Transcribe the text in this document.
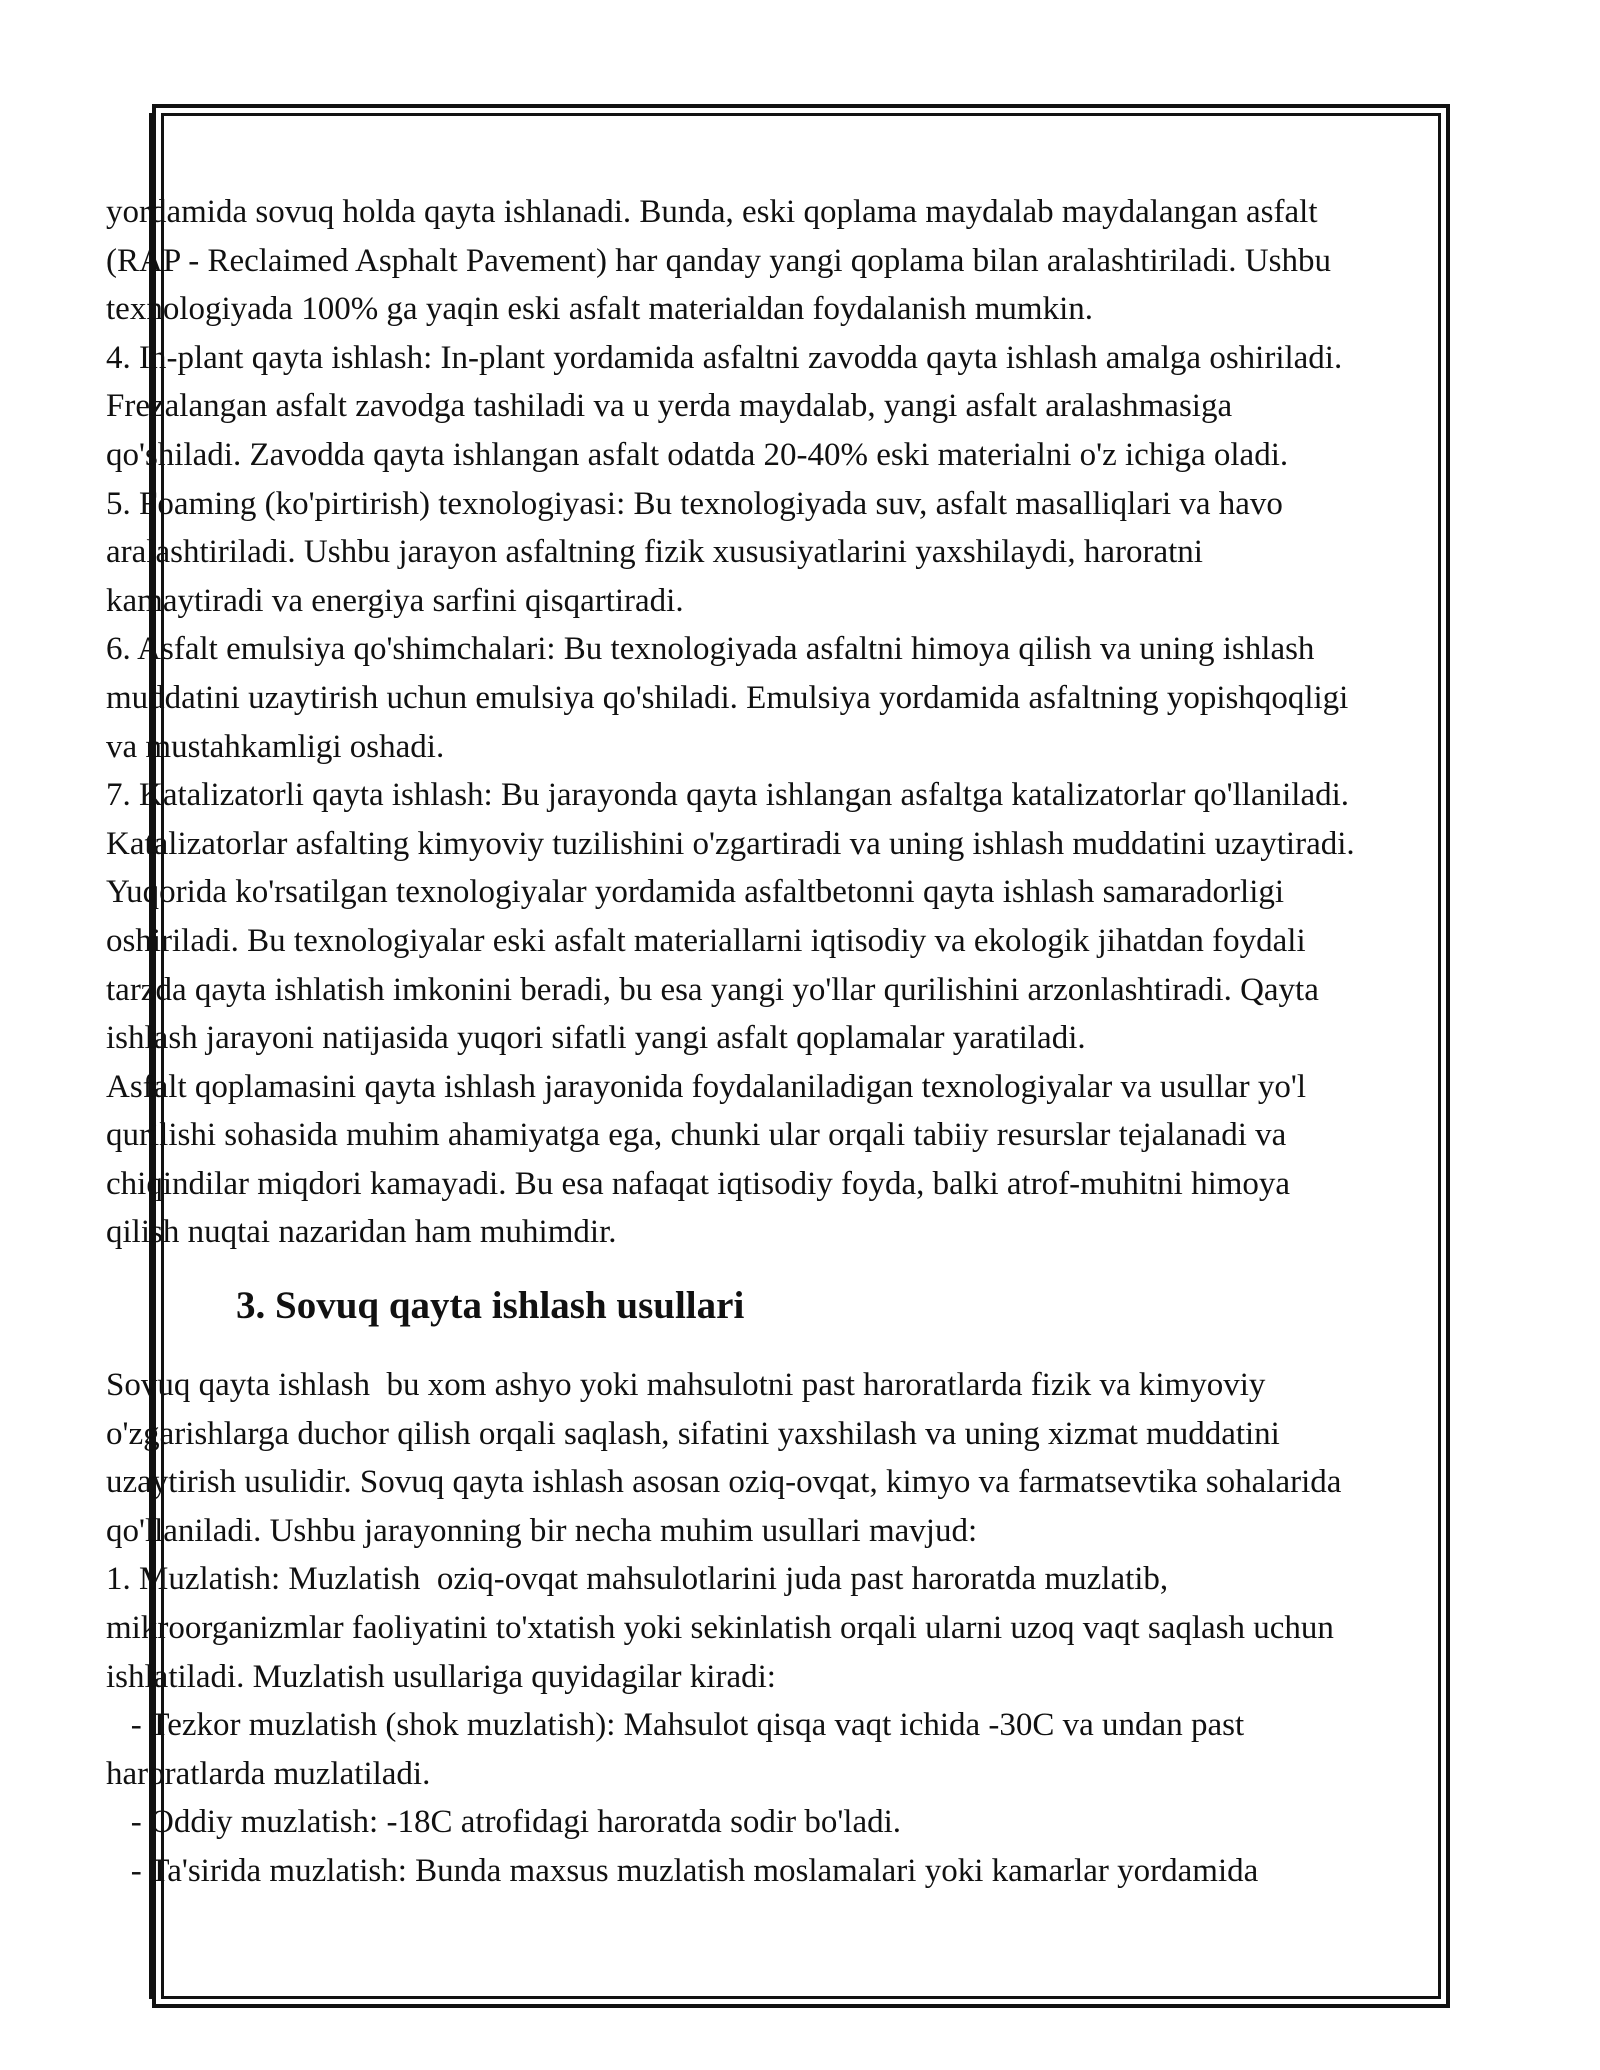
yordamida sovuq holda qayta ishlanadi. Bunda, eski qoplama maydalab maydalangan asfalt
(RAP - Reclaimed Asphalt Pavement) har qanday yangi qoplama bilan aralashtiriladi. Ushbu
texnologiyada 100% ga yaqin eski asfalt materialdan foydalanish mumkin.
4. In-plant qayta ishlash: In-plant yordamida asfaltni zavodda qayta ishlash amalga oshiriladi.
Frezalangan asfalt zavodga tashiladi va u yerda maydalab, yangi asfalt aralashmasiga
qo'shiladi. Zavodda qayta ishlangan asfalt odatda 20-40% eski materialni o'z ichiga oladi.
5. Foaming (ko'pirtirish) texnologiyasi: Bu texnologiyada suv, asfalt masalliqlari va havo
aralashtiriladi. Ushbu jarayon asfaltning fizik xususiyatlarini yaxshilaydi, haroratni
kamaytiradi va energiya sarfini qisqartiradi.
6. Asfalt emulsiya qo'shimchalari: Bu texnologiyada asfaltni himoya qilish va uning ishlash
muddatini uzaytirish uchun emulsiya qo'shiladi. Emulsiya yordamida asfaltning yopishqoqligi
va mustahkamligi oshadi.
7. Katalizatorli qayta ishlash: Bu jarayonda qayta ishlangan asfaltga katalizatorlar qo'llaniladi.
Katalizatorlar asfalting kimyoviy tuzilishini o'zgartiradi va uning ishlash muddatini uzaytiradi.
Yuqorida ko'rsatilgan texnologiyalar yordamida asfaltbetonni qayta ishlash samaradorligi
oshiriladi. Bu texnologiyalar eski asfalt materiallarni iqtisodiy va ekologik jihatdan foydali
tarzda qayta ishlatish imkonini beradi, bu esa yangi yo'llar qurilishini arzonlashtiradi. Qayta
ishlash jarayoni natijasida yuqori sifatli yangi asfalt qoplamalar yaratiladi.
Asfalt qoplamasini qayta ishlash jarayonida foydalaniladigan texnologiyalar va usullar yo'l
qurilishi sohasida muhim ahamiyatga ega, chunki ular orqali tabiiy resurslar tejalanadi va
chiqindilar miqdori kamayadi. Bu esa nafaqat iqtisodiy foyda, balki atrof-muhitni himoya
qilish nuqtai nazaridan ham muhimdir.
3. Sovuq qayta ishlash usullari
Sovuq qayta ishlash  bu xom ashyo yoki mahsulotni past haroratlarda fizik va kimyoviy
o'zgarishlarga duchor qilish orqali saqlash, sifatini yaxshilash va uning xizmat muddatini
uzaytirish usulidir. Sovuq qayta ishlash asosan oziq-ovqat, kimyo va farmatsevtika sohalarida
qo'llaniladi. Ushbu jarayonning bir necha muhim usullari mavjud:
1. Muzlatish: Muzlatish  oziq-ovqat mahsulotlarini juda past haroratda muzlatib,
mikroorganizmlar faoliyatini to'xtatish yoki sekinlatish orqali ularni uzoq vaqt saqlash uchun
ishlatiladi. Muzlatish usullariga quyidagilar kiradi:
- Tezkor muzlatish (shok muzlatish): Mahsulot qisqa vaqt ichida -30C va undan past
haroratlarda muzlatiladi.
- Oddiy muzlatish: -18C atrofidagi haroratda sodir bo'ladi.
- Ta'sirida muzlatish: Bunda maxsus muzlatish moslamalari yoki kamarlar yordamida
